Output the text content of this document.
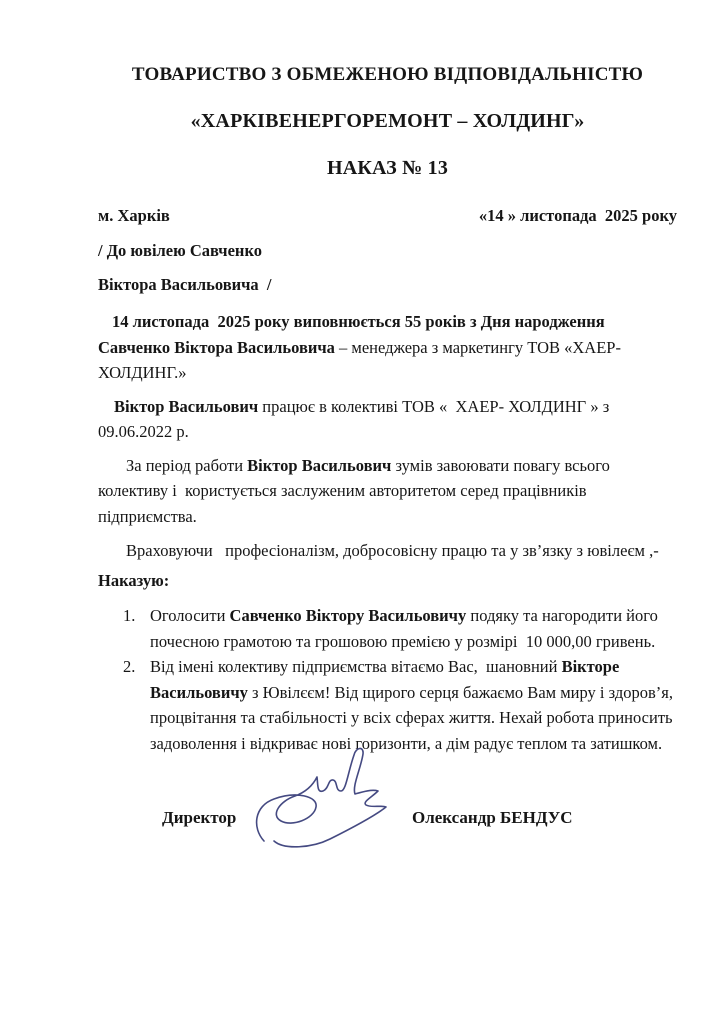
ТОВАРИСТВО З ОБМЕЖЕНОЮ ВІДПОВІДАЛЬНІСТЮ
«ХАРКІВЕНЕРГОРЕМОНТ – ХОЛДИНГ»
НАКАЗ № 13
м. Харків	«14 » листопада  2025 року
/ До ювілею Савченко
Віктора Васильовича  /

14 листопада  2025 року виповнюється 55 років з Дня народження Савченко Віктора Васильовича – менеджера з маркетингу ТОВ «ХАЕР-ХОЛДИНГ.»

Віктор Васильович працює в колективі ТОВ «  ХАЕР- ХОЛДИНГ » з 09.06.2022 р.

За період работи Віктор Васильович зумів завоювати повагу всього колективу і  користується заслуженим авторитетом серед працівників підприємства.

Враховуючи   професіоналізм, добросовісну працю та у зв’язку з ювілеєм ,-

Наказую:
1. Оголосити Савченко Віктору Васильовичу подяку та нагородити його почесною грамотою та грошовою премією у розмірі  10 000,00 гривень.
2. Від імені колективу підприємства вітаємо Вас,  шановний Вікторе Васильовичу з Ювілєєм! Від щирого серця бажаємо Вам миру і здоров’я, процвітання та стабільності у всіх сферах життя. Нехай робота приносить задоволення і відкриває нові горизонти, а дім радує теплом та затишком.
Директор	Олександр БЕНДУС
